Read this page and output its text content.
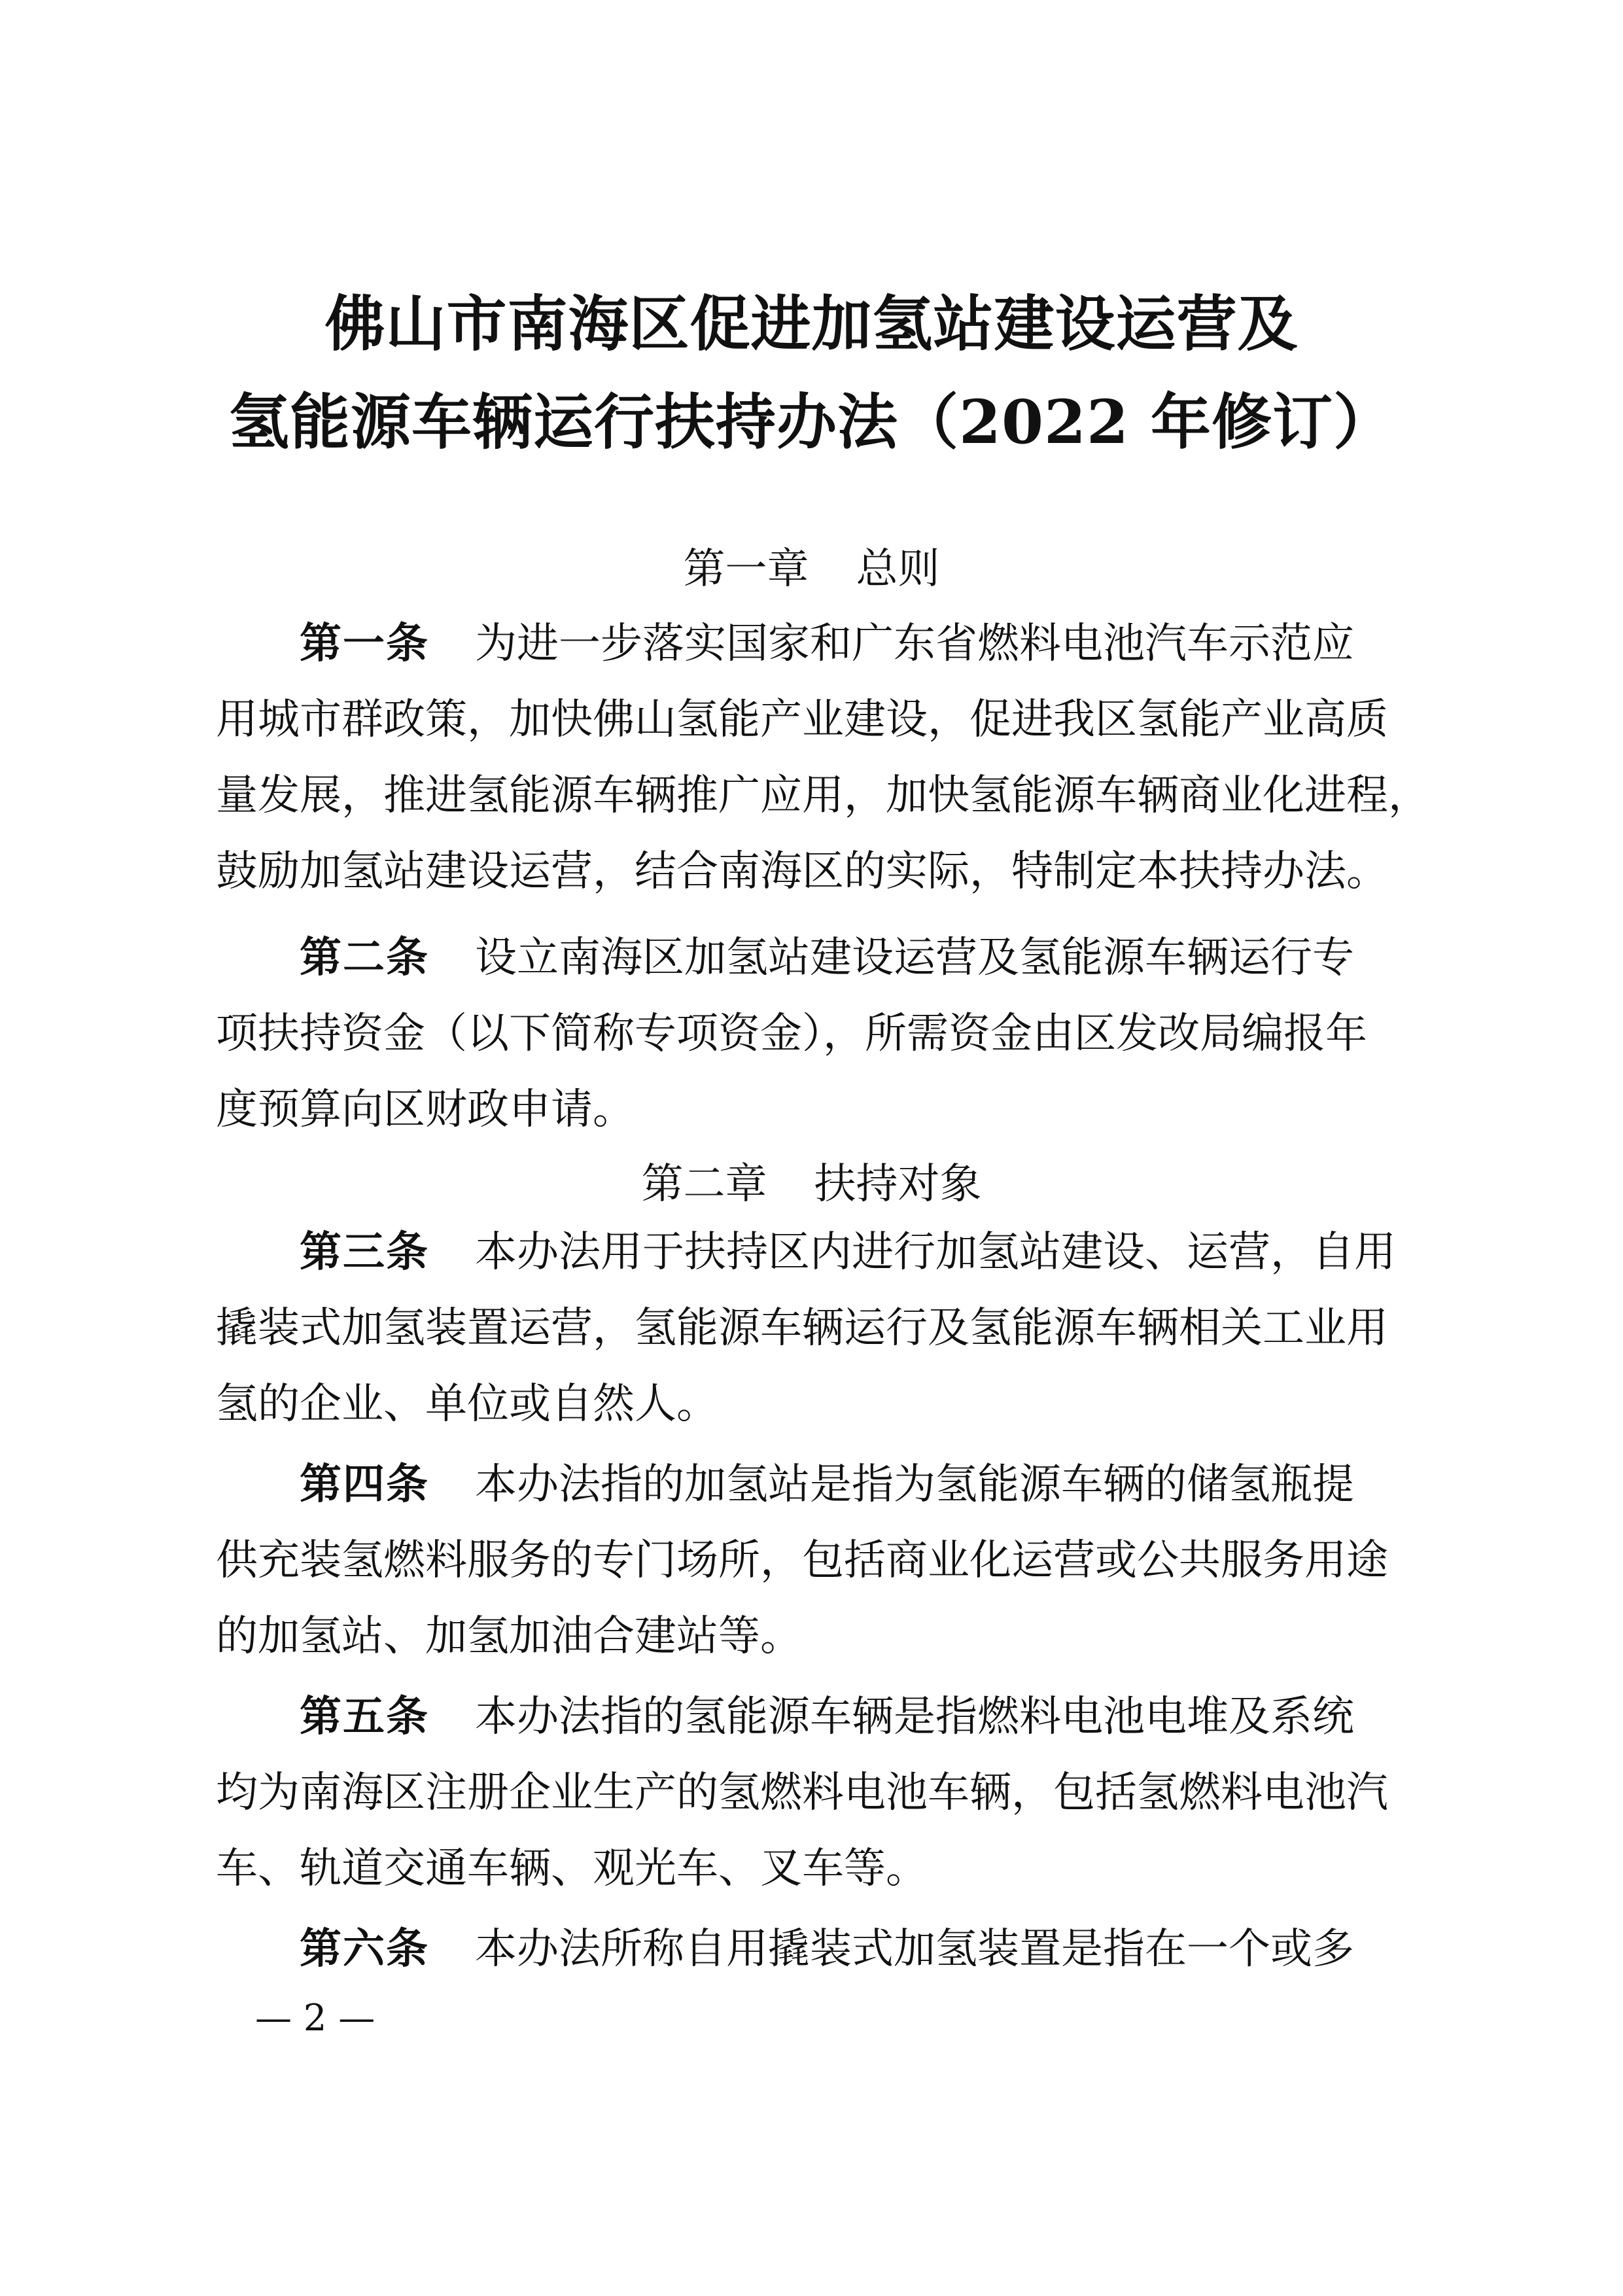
佛山市南海区促进加氢站建设运营及
氢能源车辆运行扶持办法（2022 年修订）
第一章 总则
第一条 为进一步落实国家和广东省燃料电池汽车示范应
用城市群政策，加快佛山氢能产业建设，促进我区氢能产业高质
量发展，推进氢能源车辆推广应用，加快氢能源车辆商业化进程，
鼓励加氢站建设运营，结合南海区的实际，特制定本扶持办法。
第二条 设立南海区加氢站建设运营及氢能源车辆运行专
项扶持资金（以下简称专项资金），所需资金由区发改局编报年
度预算向区财政申请。
第二章 扶持对象
第三条 本办法用于扶持区内进行加氢站建设、运营，自用
撬装式加氢装置运营，氢能源车辆运行及氢能源车辆相关工业用
氢的企业、单位或自然人。
第四条 本办法指的加氢站是指为氢能源车辆的储氢瓶提
供充装氢燃料服务的专门场所，包括商业化运营或公共服务用途
的加氢站、加氢加油合建站等。
第五条 本办法指的氢能源车辆是指燃料电池电堆及系统
均为南海区注册企业生产的氢燃料电池车辆，包括氢燃料电池汽
车、轨道交通车辆、观光车、叉车等。
第六条 本办法所称自用撬装式加氢装置是指在一个或多
— 2 —
